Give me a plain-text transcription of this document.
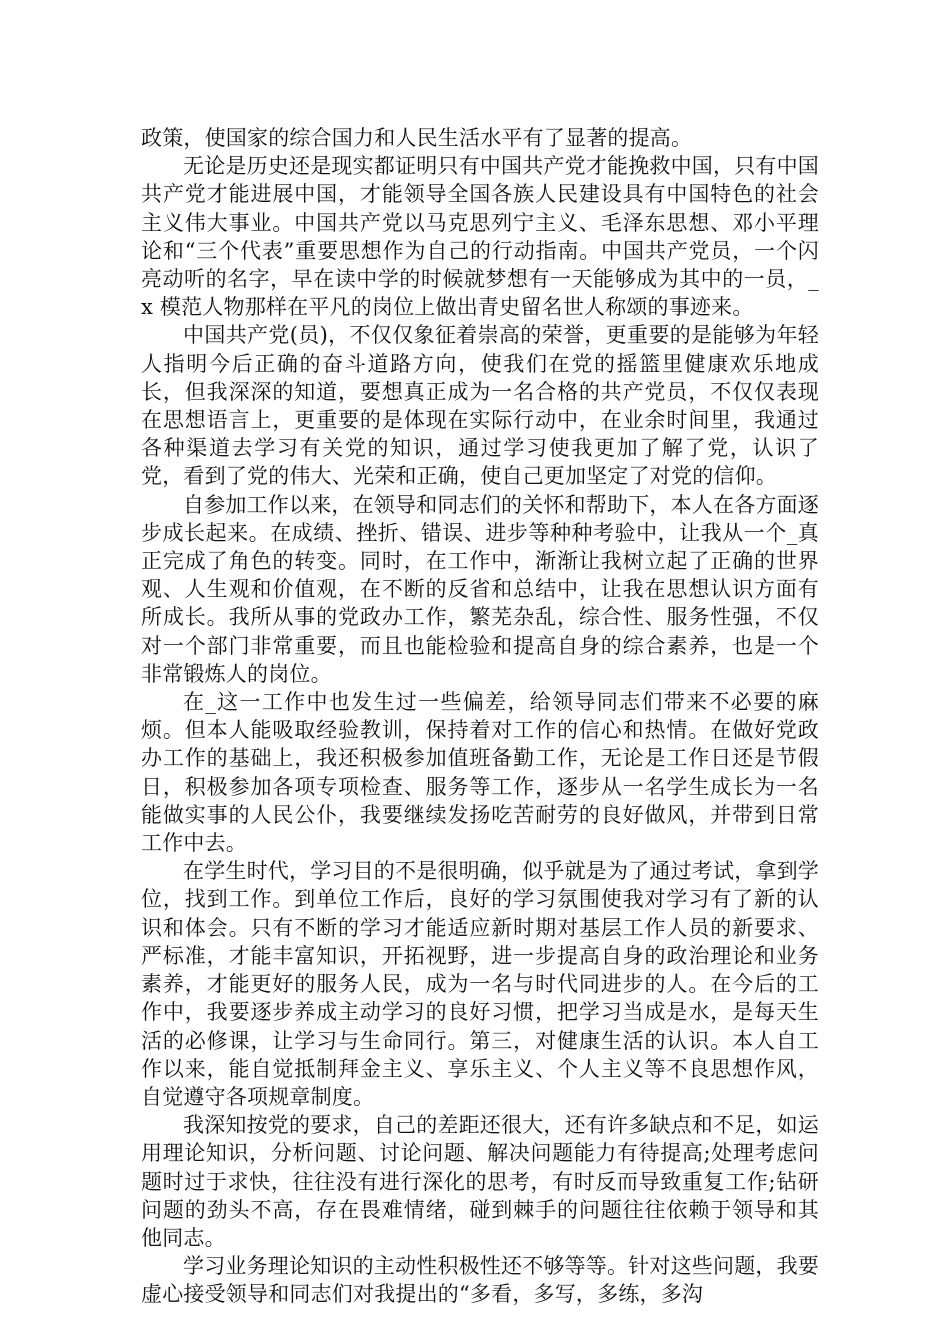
政策，使国家的综合国力和人民生活水平有了显著的提高。

无论是历史还是现实都证明只有中国共产党才能挽救中国，只有中国共产党才能进展中国，才能领导全国各族人民建设具有中国特色的社会主义伟大事业。中国共产党以马克思列宁主义、毛泽东思想、邓小平理论和“三个代表”重要思想作为自己的行动指南。中国共产党员，一个闪亮动听的名字，早在读中学的时候就梦想有一天能够成为其中的一员，_x 模范人物那样在平凡的岗位上做出青史留名世人称颂的事迹来。

中国共产党(员)，不仅仅象征着崇高的荣誉，更重要的是能够为年轻人指明今后正确的奋斗道路方向，使我们在党的摇篮里健康欢乐地成长，但我深深的知道，要想真正成为一名合格的共产党员，不仅仅表现在思想语言上，更重要的是体现在实际行动中，在业余时间里，我通过各种渠道去学习有关党的知识，通过学习使我更加了解了党，认识了党，看到了党的伟大、光荣和正确，使自己更加坚定了对党的信仰。

自参加工作以来，在领导和同志们的关怀和帮助下，本人在各方面逐步成长起来。在成绩、挫折、错误、进步等种种考验中，让我从一个_真正完成了角色的转变。同时，在工作中，渐渐让我树立起了正确的世界观、人生观和价值观，在不断的反省和总结中，让我在思想认识方面有所成长。我所从事的党政办工作，繁芜杂乱，综合性、服务性强，不仅对一个部门非常重要，而且也能检验和提高自身的综合素养，也是一个非常锻炼人的岗位。

在_这一工作中也发生过一些偏差，给领导同志们带来不必要的麻烦。但本人能吸取经验教训，保持着对工作的信心和热情。在做好党政办工作的基础上，我还积极参加值班备勤工作，无论是工作日还是节假日，积极参加各项专项检查、服务等工作，逐步从一名学生成长为一名能做实事的人民公仆，我要继续发扬吃苦耐劳的良好做风，并带到日常工作中去。

在学生时代，学习目的不是很明确，似乎就是为了通过考试，拿到学位，找到工作。到单位工作后，良好的学习氛围使我对学习有了新的认识和体会。只有不断的学习才能适应新时期对基层工作人员的新要求、严标准，才能丰富知识，开拓视野，进一步提高自身的政治理论和业务素养，才能更好的服务人民，成为一名与时代同进步的人。在今后的工作中，我要逐步养成主动学习的良好习惯，把学习当成是水，是每天生活的必修课，让学习与生命同行。第三，对健康生活的认识。本人自工作以来，能自觉抵制拜金主义、享乐主义、个人主义等不良思想作风，自觉遵守各项规章制度。

我深知按党的要求，自己的差距还很大，还有许多缺点和不足，如运用理论知识，分析问题、讨论问题、解决问题能力有待提高;处理考虑问题时过于求快，往往没有进行深化的思考，有时反而导致重复工作;钻研问题的劲头不高，存在畏难情绪，碰到棘手的问题往往依赖于领导和其他同志。

学习业务理论知识的主动性积极性还不够等等。针对这些问题，我要虚心接受领导和同志们对我提出的“多看，多写，多练，多沟
